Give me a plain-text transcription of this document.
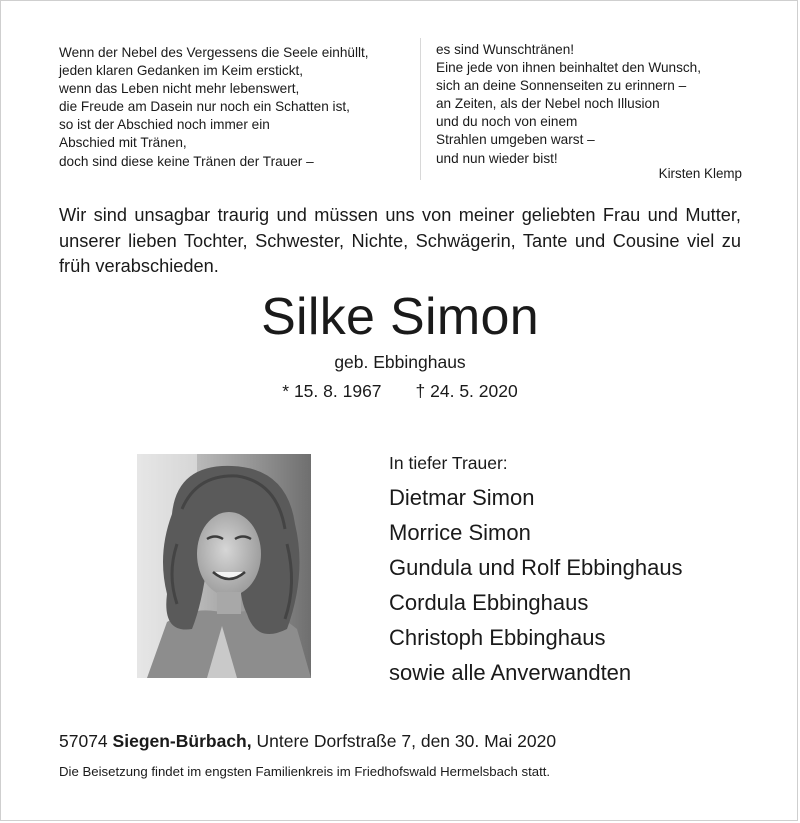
Wenn der Nebel des Vergessens die Seele einhüllt,
jeden klaren Gedanken im Keim erstickt,
wenn das Leben nicht mehr lebenswert,
die Freude am Dasein nur noch ein Schatten ist,
so ist der Abschied noch immer ein
Abschied mit Tränen,
doch sind diese keine Tränen der Trauer –
es sind Wunschtränen!
Eine jede von ihnen beinhaltet den Wunsch,
sich an deine Sonnenseiten zu erinnern –
an Zeiten, als der Nebel noch Illusion
und du noch von einem
Strahlen umgeben warst –
und nun wieder bist!
Kirsten Klemp
Wir sind unsagbar traurig und müssen uns von meiner geliebten Frau und Mutter, unserer lieben Tochter, Schwester, Nichte, Schwägerin, Tante und Cousine viel zu früh verabschieden.
Silke Simon
geb. Ebbinghaus
* 15. 8. 1967 † 24. 5. 2020
In tiefer Trauer:
Dietmar Simon
Morrice Simon
Gundula und Rolf Ebbinghaus
Cordula Ebbinghaus
Christoph Ebbinghaus
sowie alle Anverwandten
57074 Siegen-Bürbach, Untere Dorfstraße 7, den 30. Mai 2020
Die Beisetzung findet im engsten Familienkreis im Friedhofswald Hermelsbach statt.
